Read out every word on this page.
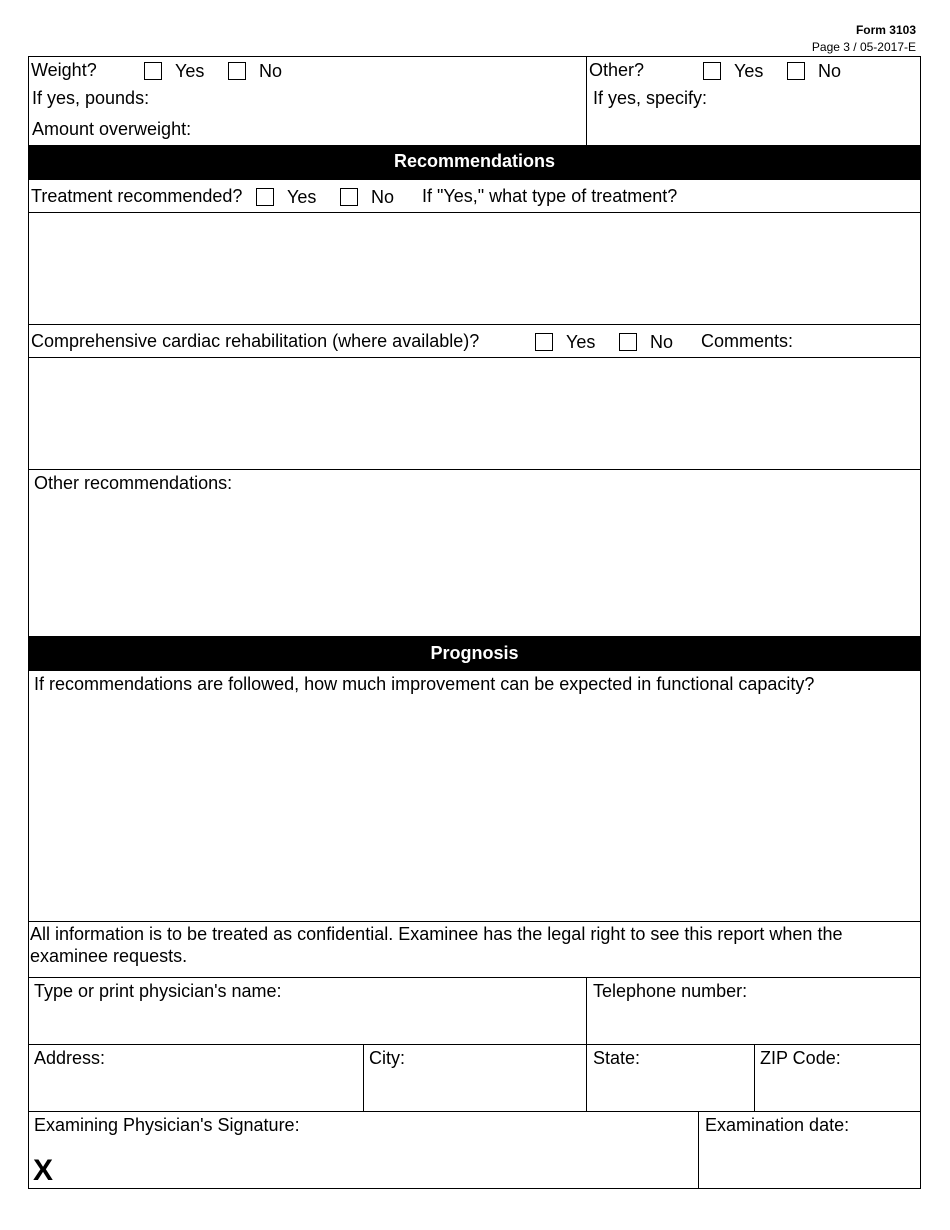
Form 3103
Page 3 / 05-2017-E
Weight?	Yes	No
If yes, pounds:
Amount overweight:
Other?	Yes	No
If yes, specify:
Recommendations
Treatment recommended? Yes	No If "Yes," what type of treatment?
Comprehensive cardiac rehabilitation (where available)?	Yes	No Comments:
Other recommendations:
Prognosis
If recommendations are followed, how much improvement can be expected in functional capacity?
All information is to be treated as confidential. Examinee has the legal right to see this report when the
examinee requests.
Type or print physician's name:	Telephone number:
Address:	City:	State:	ZIP Code:
Examining Physician's Signature:
X
Examination date:
